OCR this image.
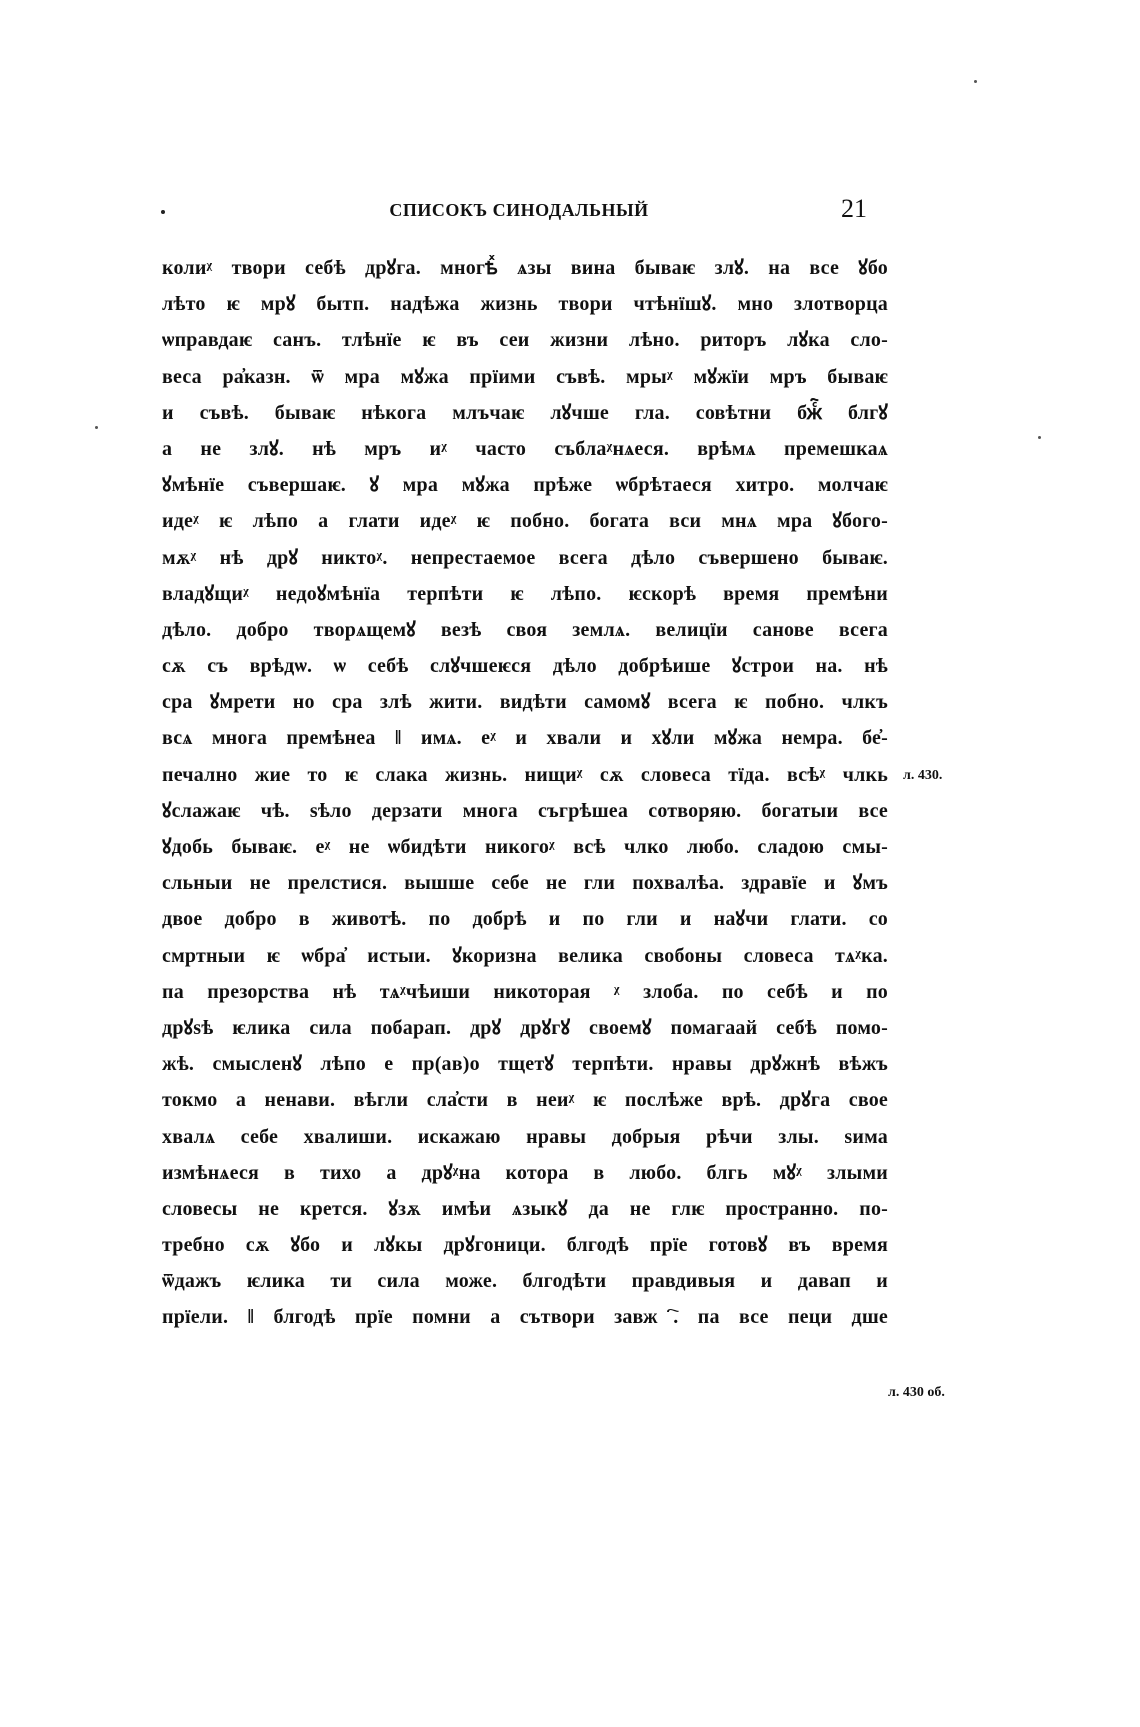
СПИСОКЪ СИНОДАЛЬНЫЙ	21
колиᵡ твори себѣ дрꙋга. многѣⷯ ѧзы вина бываѥ злꙋ. на все ꙋбо
лѣто ѥ мрꙋ бытп. надѣжа жизнь твори чтѣнїшꙋ. мно злотворца
ѡправдаѥ санъ. тлѣнїе ѥ въ сеи жизни лѣно. риторъ лꙋка сло-
веса ра҆казн. ѿ мра мꙋжа прїими съвѣ. мрыᵡ мꙋжїи мръ бываѥ
и съвѣ. бываѥ нѣкога млъчаѥ лꙋчше гла. совѣтни бжⷭ҇ блгꙋ
а не злꙋ. нѣ мръ иᵡ часто съблаᵡнѧеся. врѣмѧ премешкаѧ
ꙋмѣнїе съвершаѥ. ꙋ мра мꙋжа прѣже ѡбрѣтаеся хитро. молчаѥ
идеᵡ ѥ лѣпо а глати идеᵡ ѥ побно. богата вси мнѧ мра ꙋбого-
мѫᵡ нѣ дрꙋ никтоᵡ. непрестаемое всега дѣло съвершено бываѥ.
владꙋщиᵡ недоꙋмѣнїа терпѣти ѥ лѣпо. ѥскорѣ время премѣни
дѣло. добро творѧщемꙋ везѣ своя землѧ. велицїи санове всега
сѫ съ врѣдѡ. ѡ себѣ слꙋчшеѥся дѣло добрѣише ꙋстрои на. нѣ
сра ꙋмрети но сра злѣ жити. видѣти самомꙋ всега ѥ побно. члкъ
всѧ многа премѣнеа ‖ имѧ. еᵡ и хвали и хꙋли мꙋжа немра. бе҆-
печално жие то ѥ слака жизнь. нищиᵡ сѫ словеса тїда. всѣᵡ члкь
ꙋслажаѥ чѣ. ѕѣло дерзати многа съгрѣшеа сотворяю. богатыи все
ꙋдобь бываѥ. еᵡ не ѡбидѣти никогоᵡ всѣ члко любо. сладою смы-
сльныи не прелстися. вышше себе не гли похвалѣа. здравїе и ꙋмъ
двое добро в животѣ. по добрѣ и по гли и наꙋчи глати. со
смртныи ѥ ѡбра҆ истыи. ꙋкоризна велика свобоны словеса тѧᵡка.
па презорства нѣ тѧᵡчѣиши никоторая ᵡ злоба. по себѣ и по
дрꙋѕѣ ѥлика сила побарап. дрꙋ дрꙋгꙋ своемꙋ помагаай себѣ помо-
жѣ. смысленꙋ лѣпо е пр(ав)о тщетꙋ терпѣти. нравы дрꙋжнѣ вѣжъ
токмо а ненави. вѣгли сла҆сти в неиᵡ ѥ послѣже врѣ. дрꙋга свое
хвалѧ себе хвалиши. искажаю нравы добрыя рѣчи злы. ѕима
измѣнѧеся в тихо а дрꙋᵡна котора в любо. блгь мꙋᵡ злыми
словесы не крется. ꙋзѫ имѣи ѧзыкꙋ да не глѥ пространно. по-
требно сѫ ꙋбо и лꙋкы дрꙋгоници. блгодѣ прїе готовꙋ въ время
ѿдажъ ѥлика ти сила може. блгодѣти правдивыя и давап и
прїели. ‖ блгодѣ прїе помни а сътвори завжⷭ҇. па все пеци дше
л. 430.
л. 430 об.
